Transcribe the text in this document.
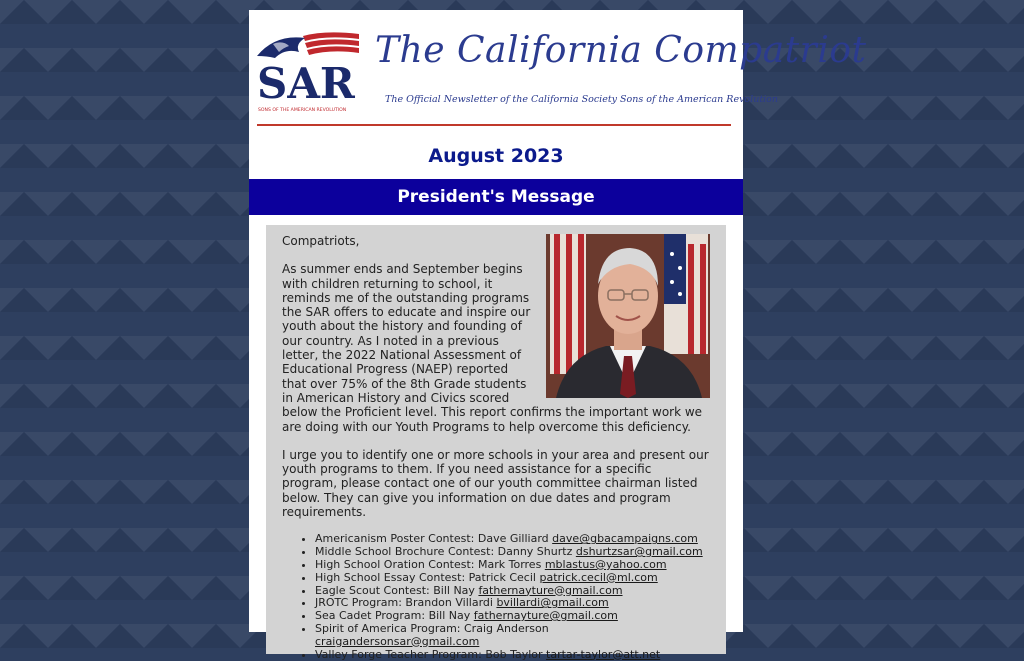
SAR
SONS OF THE AMERICAN REVOLUTION
The California Compatriot
The Official Newsletter of the California Society Sons of the American Revolution
August 2023
President's Message

Compatriots,

As summer ends and September begins with children returning to school, it reminds me of the outstanding programs the SAR offers to educate and inspire our youth about the history and founding of our country. As I noted in a previous letter, the 2022 National Assessment of Educational Progress (NAEP) reported that over 75% of the 8th Grade students in American History and Civics scored below the Proficient level. This report confirms the important work we are doing with our Youth Programs to help overcome this deficiency.

I urge you to identify one or more schools in your area and present our youth programs to them. If you need assistance for a specific program, please contact one of our youth committee chairman listed below. They can give you information on due dates and program requirements.

• Americanism Poster Contest: Dave Gilliard dave@gbacampaigns.com
• Middle School Brochure Contest: Danny Shurtz dshurtzsar@gmail.com
• High School Oration Contest: Mark Torres mblastus@yahoo.com
• High School Essay Contest: Patrick Cecil patrick.cecil@ml.com
• Eagle Scout Contest: Bill Nay fathernayture@gmail.com
• JROTC Program: Brandon Villardi bvillardi@gmail.com
• Sea Cadet Program: Bill Nay fathernayture@gmail.com
• Spirit of America Program: Craig Anderson craigandersonsar@gmail.com
• Valley Forge Teacher Program: Bob Taylor tartar-taylor@att.net
